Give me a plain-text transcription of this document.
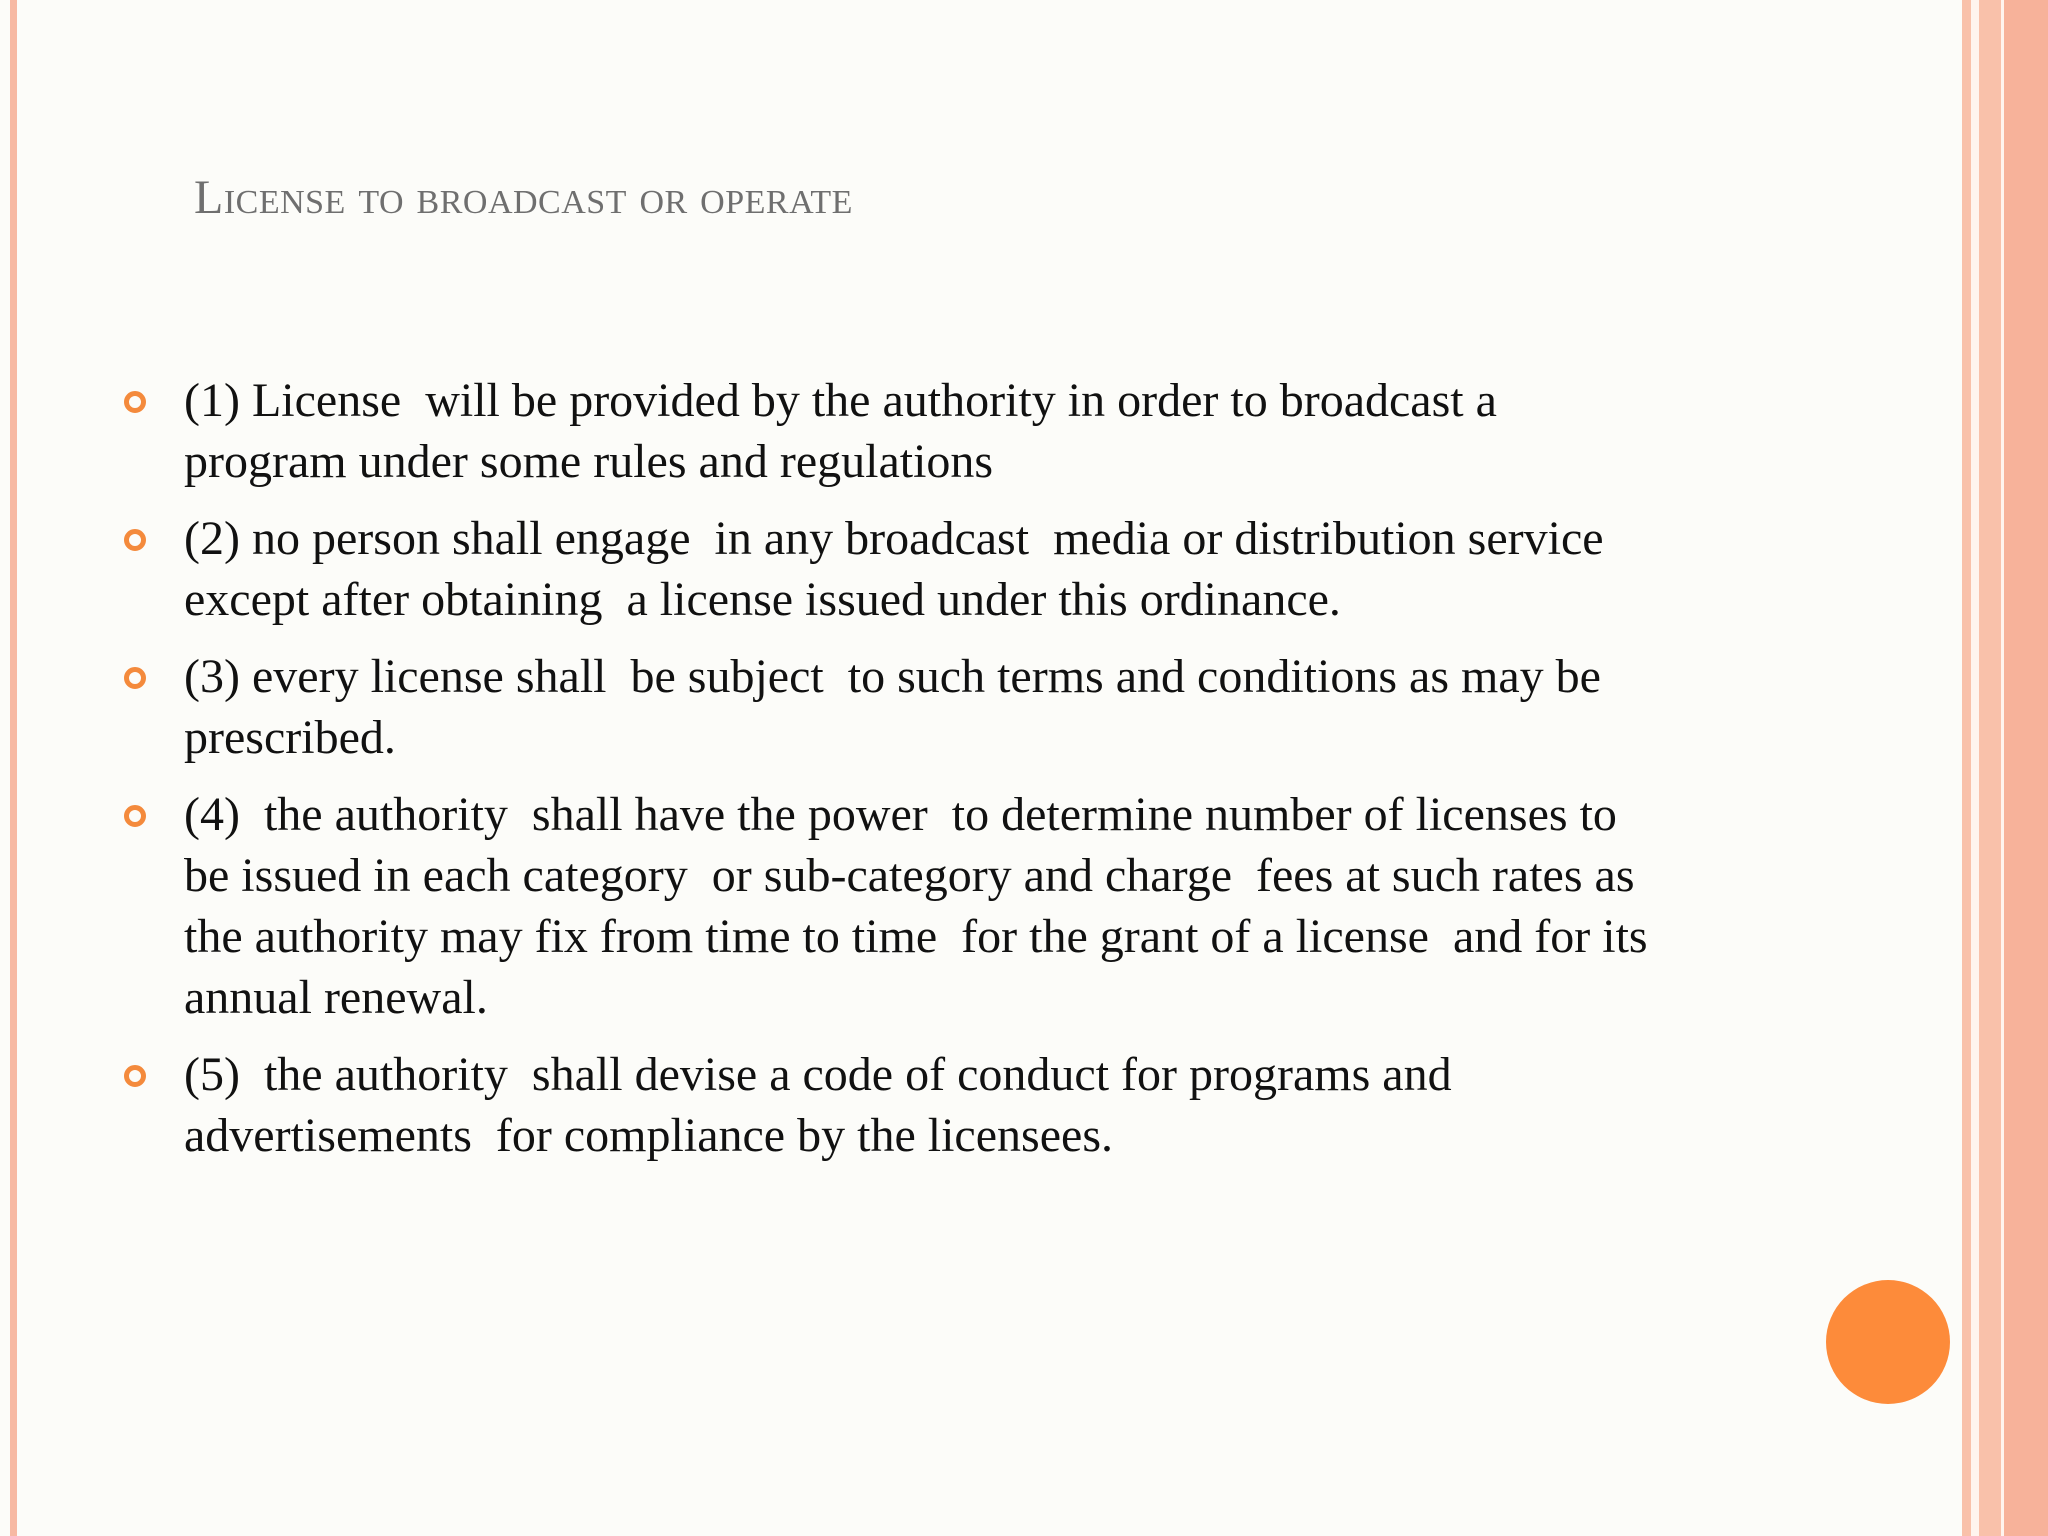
License to broadcast or operate
(1) License  will be provided by the authority in order to broadcast a
program under some rules and regulations
(2) no person shall engage  in any broadcast  media or distribution service
except after obtaining  a license issued under this ordinance.
(3) every license shall  be subject  to such terms and conditions as may be
prescribed.
(4)  the authority  shall have the power  to determine number of licenses to
be issued in each category  or sub-category and charge  fees at such rates as
the authority may fix from time to time  for the grant of a license  and for its
annual renewal.
(5)  the authority  shall devise a code of conduct for programs and
advertisements  for compliance by the licensees.
